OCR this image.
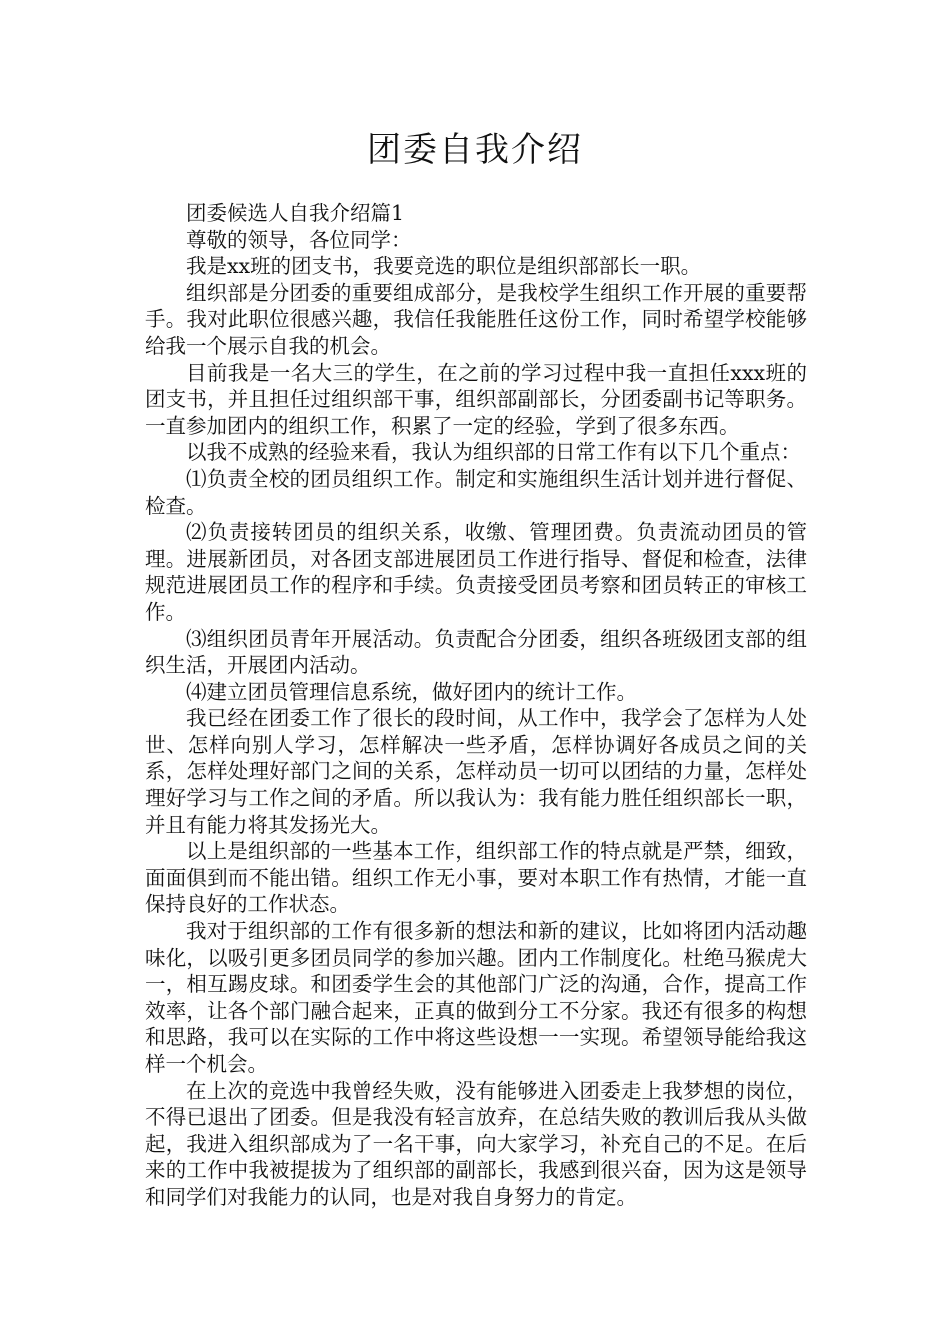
团委自我介绍

团委候选人自我介绍篇1

尊敬的领导，各位同学：

我是xx班的团支书，我要竞选的职位是组织部部长一职。

组织部是分团委的重要组成部分，是我校学生组织工作开展的重要帮手。我对此职位很感兴趣，我信任我能胜任这份工作，同时希望学校能够给我一个展示自我的机会。

目前我是一名大三的学生，在之前的学习过程中我一直担任xxx班的团支书，并且担任过组织部干事，组织部副部长，分团委副书记等职务。一直参加团内的组织工作，积累了一定的经验，学到了很多东西。

以我不成熟的经验来看，我认为组织部的日常工作有以下几个重点：

⑴负责全校的团员组织工作。制定和实施组织生活计划并进行督促、检查。

⑵负责接转团员的组织关系，收缴、管理团费。负责流动团员的管理。进展新团员，对各团支部进展团员工作进行指导、督促和检查，法律规范进展团员工作的程序和手续。负责接受团员考察和团员转正的审核工作。

⑶组织团员青年开展活动。负责配合分团委，组织各班级团支部的组织生活，开展团内活动。

⑷建立团员管理信息系统，做好团内的统计工作。

我已经在团委工作了很长的段时间，从工作中，我学会了怎样为人处世、怎样向别人学习，怎样解决一些矛盾，怎样协调好各成员之间的关系，怎样处理好部门之间的关系，怎样动员一切可以团结的力量，怎样处理好学习与工作之间的矛盾。所以我认为：我有能力胜任组织部长一职，并且有能力将其发扬光大。

以上是组织部的一些基本工作，组织部工作的特点就是严禁，细致，面面俱到而不能出错。组织工作无小事，要对本职工作有热情，才能一直保持良好的工作状态。

我对于组织部的工作有很多新的想法和新的建议，比如将团内活动趣味化，以吸引更多团员同学的参加兴趣。团内工作制度化。杜绝马猴虎大一，相互踢皮球。和团委学生会的其他部门广泛的沟通，合作，提高工作效率，让各个部门融合起来，正真的做到分工不分家。我还有很多的构想和思路，我可以在实际的工作中将这些设想一一实现。希望领导能给我这样一个机会。

在上次的竞选中我曾经失败，没有能够进入团委走上我梦想的岗位，不得已退出了团委。但是我没有轻言放弃，在总结失败的教训后我从头做起，我进入组织部成为了一名干事，向大家学习，补充自己的不足。在后来的工作中我被提拔为了组织部的副部长，我感到很兴奋，因为这是领导和同学们对我能力的认同，也是对我自身努力的肯定。
